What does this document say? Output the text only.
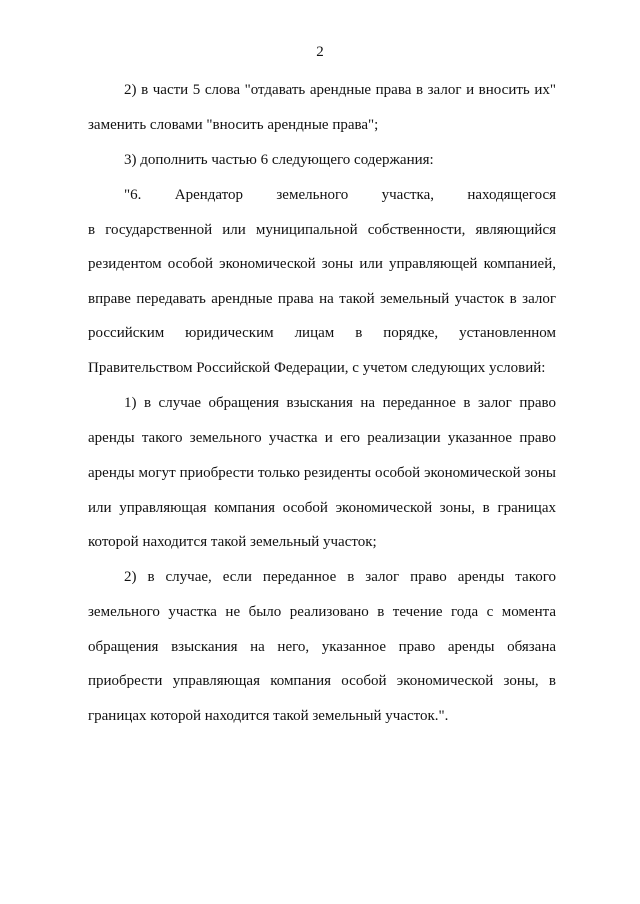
2
2) в части 5 слова "отдавать арендные права в залог и вносить их"
заменить словами "вносить арендные права";
3) дополнить частью 6 следующего содержания:
"6. Арендатор земельного участка, находящегося
в государственной или муниципальной собственности, являющийся
резидентом особой экономической зоны или управляющей компанией,
вправе передавать арендные права на такой земельный участок в залог
российским юридическим лицам в порядке, установленном
Правительством Российской Федерации, с учетом следующих условий:
1) в случае обращения взыскания на переданное в залог право
аренды такого земельного участка и его реализации указанное право
аренды могут приобрести только резиденты особой экономической зоны
или управляющая компания особой экономической зоны, в границах
которой находится такой земельный участок;
2) в случае, если переданное в залог право аренды такого
земельного участка не было реализовано в течение года с момента
обращения взыскания на него, указанное право аренды обязана
приобрести управляющая компания особой экономической зоны, в
границах которой находится такой земельный участок.".
